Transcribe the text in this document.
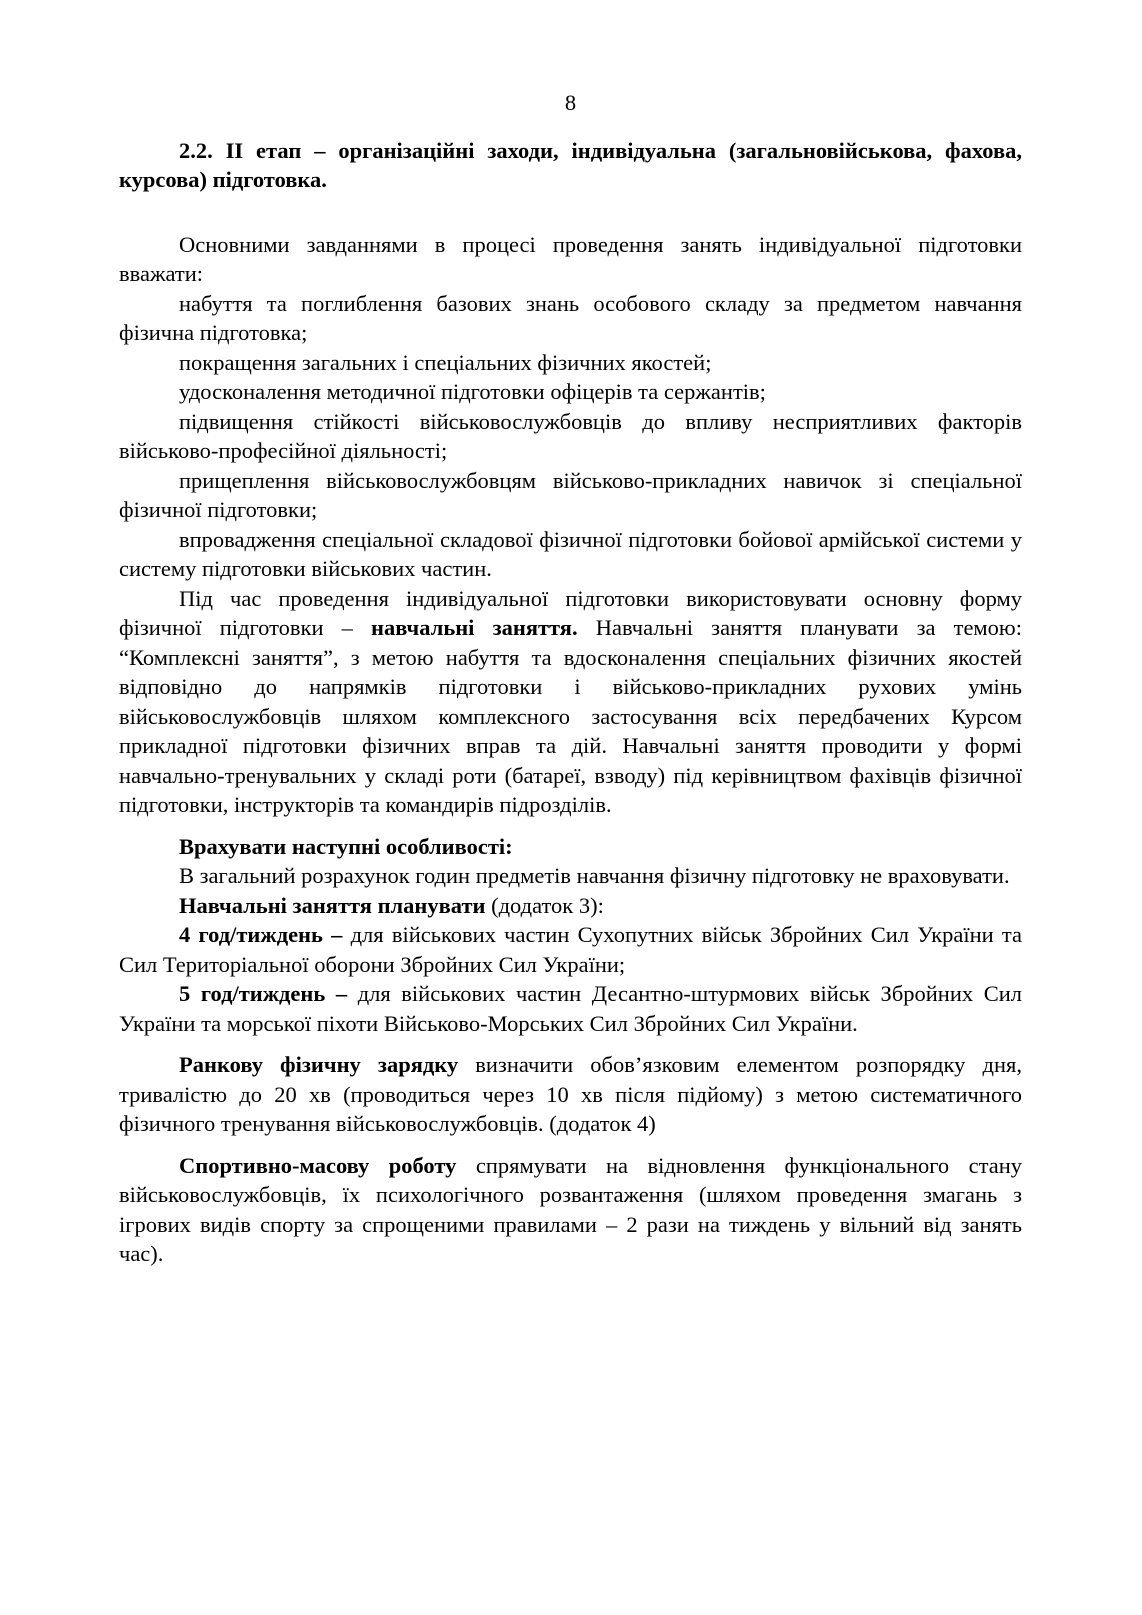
8

2.2. ІІ етап – організаційні заходи, індивідуальна (загальновійськова, фахова, курсова) підготовка.

Основними завданнями в процесі проведення занять індивідуальної підготовки вважати:

набуття та поглиблення базових знань особового складу за предметом навчання фізична підготовка;

покращення загальних і спеціальних фізичних якостей;

удосконалення методичної підготовки офіцерів та сержантів;

підвищення стійкості військовослужбовців до впливу несприятливих факторів військово-професійної діяльності;

прищеплення військовослужбовцям військово-прикладних навичок зі спеціальної фізичної підготовки;

впровадження спеціальної складової фізичної підготовки бойової армійської системи у систему підготовки військових частин.

Під час проведення індивідуальної підготовки використовувати основну форму фізичної підготовки – навчальні заняття. Навчальні заняття планувати за темою: “Комплексні заняття”, з метою набуття та вдосконалення спеціальних фізичних якостей відповідно до напрямків підготовки і військово-прикладних рухових умінь військовослужбовців шляхом комплексного застосування всіх передбачених Курсом прикладної підготовки фізичних вправ та дій. Навчальні заняття проводити у формі навчально-тренувальних у складі роти (батареї, взводу) під керівництвом фахівців фізичної підготовки, інструкторів та командирів підрозділів.

Врахувати наступні особливості:

В загальний розрахунок годин предметів навчання фізичну підготовку не враховувати.

Навчальні заняття планувати (додаток 3):

4 год/тиждень – для військових частин Сухопутних військ Збройних Сил України та Сил Територіальної оборони Збройних Сил України;

5 год/тиждень – для військових частин Десантно-штурмових військ Збройних Сил України та морської піхоти Військово-Морських Сил Збройних Сил України.

Ранкову фізичну зарядку визначити обов’язковим елементом розпорядку дня, тривалістю до 20 хв (проводиться через 10 хв після підйому) з метою систематичного фізичного тренування військовослужбовців. (додаток 4)

Спортивно-масову роботу спрямувати на відновлення функціонального стану військовослужбовців, їх психологічного розвантаження (шляхом проведення змагань з ігрових видів спорту за спрощеними правилами – 2 рази на тиждень у вільний від занять час).
